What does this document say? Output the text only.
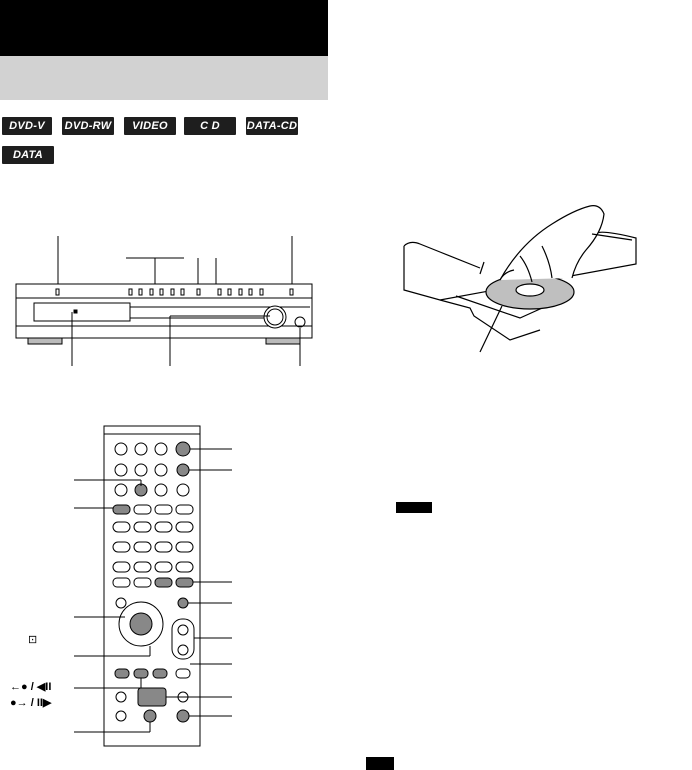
DVD-V	DVD-RW	VIDEO CD
C D	DATA-CD
DATA DVD
⊡
←● / ◀II
●→ / II▶
